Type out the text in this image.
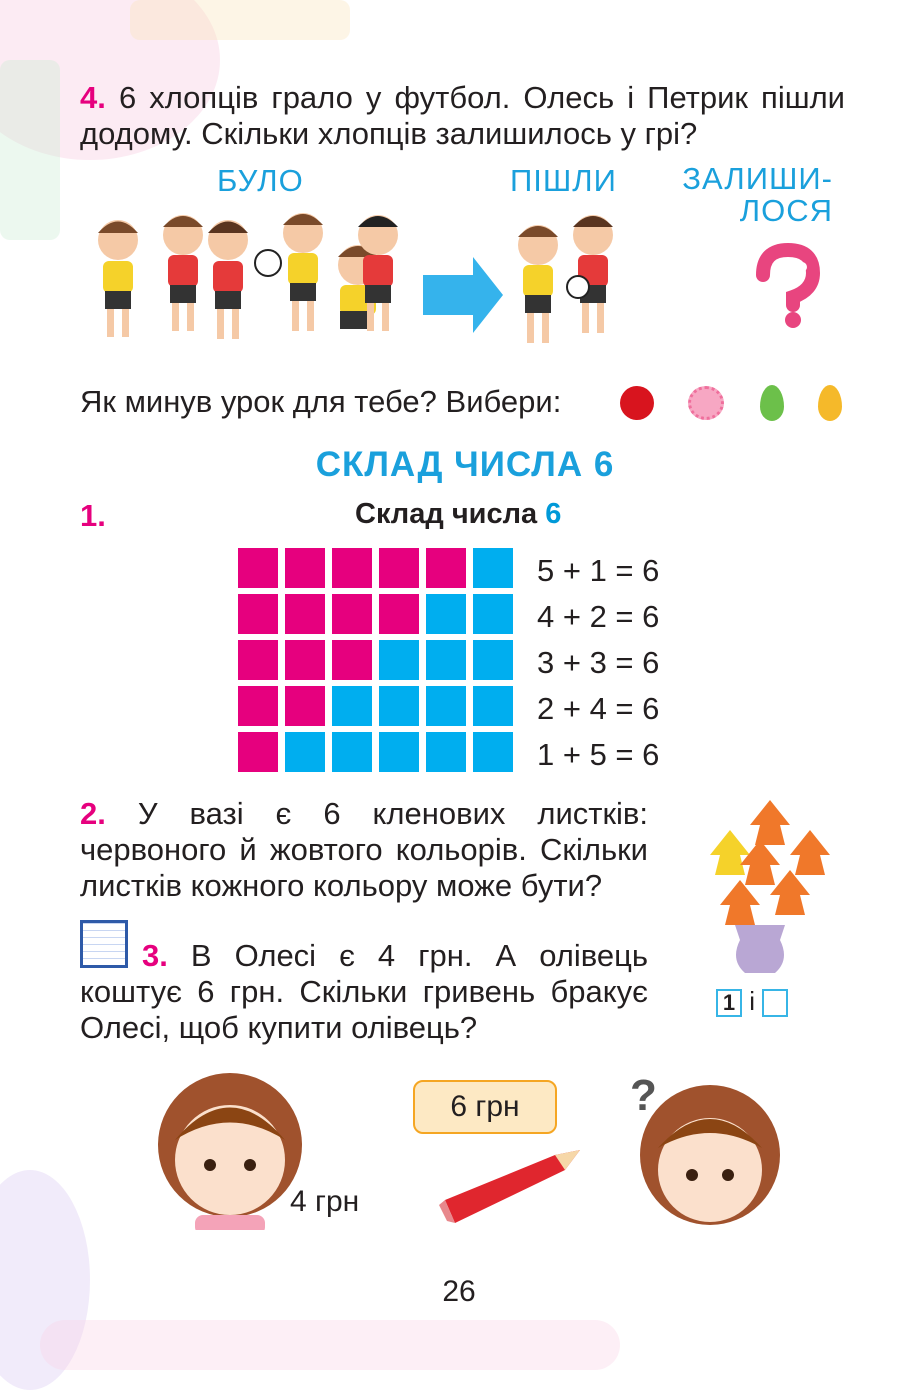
4. 6 хлопців грало у футбол. Олесь і Петрик пішли додому. Скільки хлопців залишилось у грі?

БУЛО	ПІШЛИ	ЗАЛИШИ-
ЛОСЯ
Як минув урок для тебе? Вибери:
СКЛАД ЧИСЛА 6
1.	Склад числа 6
5 + 1 = 6
4 + 2 = 6
3 + 3 = 6
2 + 4 = 6
1 + 5 = 6

2. У вазі є 6 кленових листків: червоного й жовтого кольорів. Скільки листків кожного кольору може бути?

1 і

3. В Олесі є 4 грн. А олівець коштує 6 грн. Скільки гривень бракує Олесі, щоб купити олівець?

4 грн
6 грн	?
26
